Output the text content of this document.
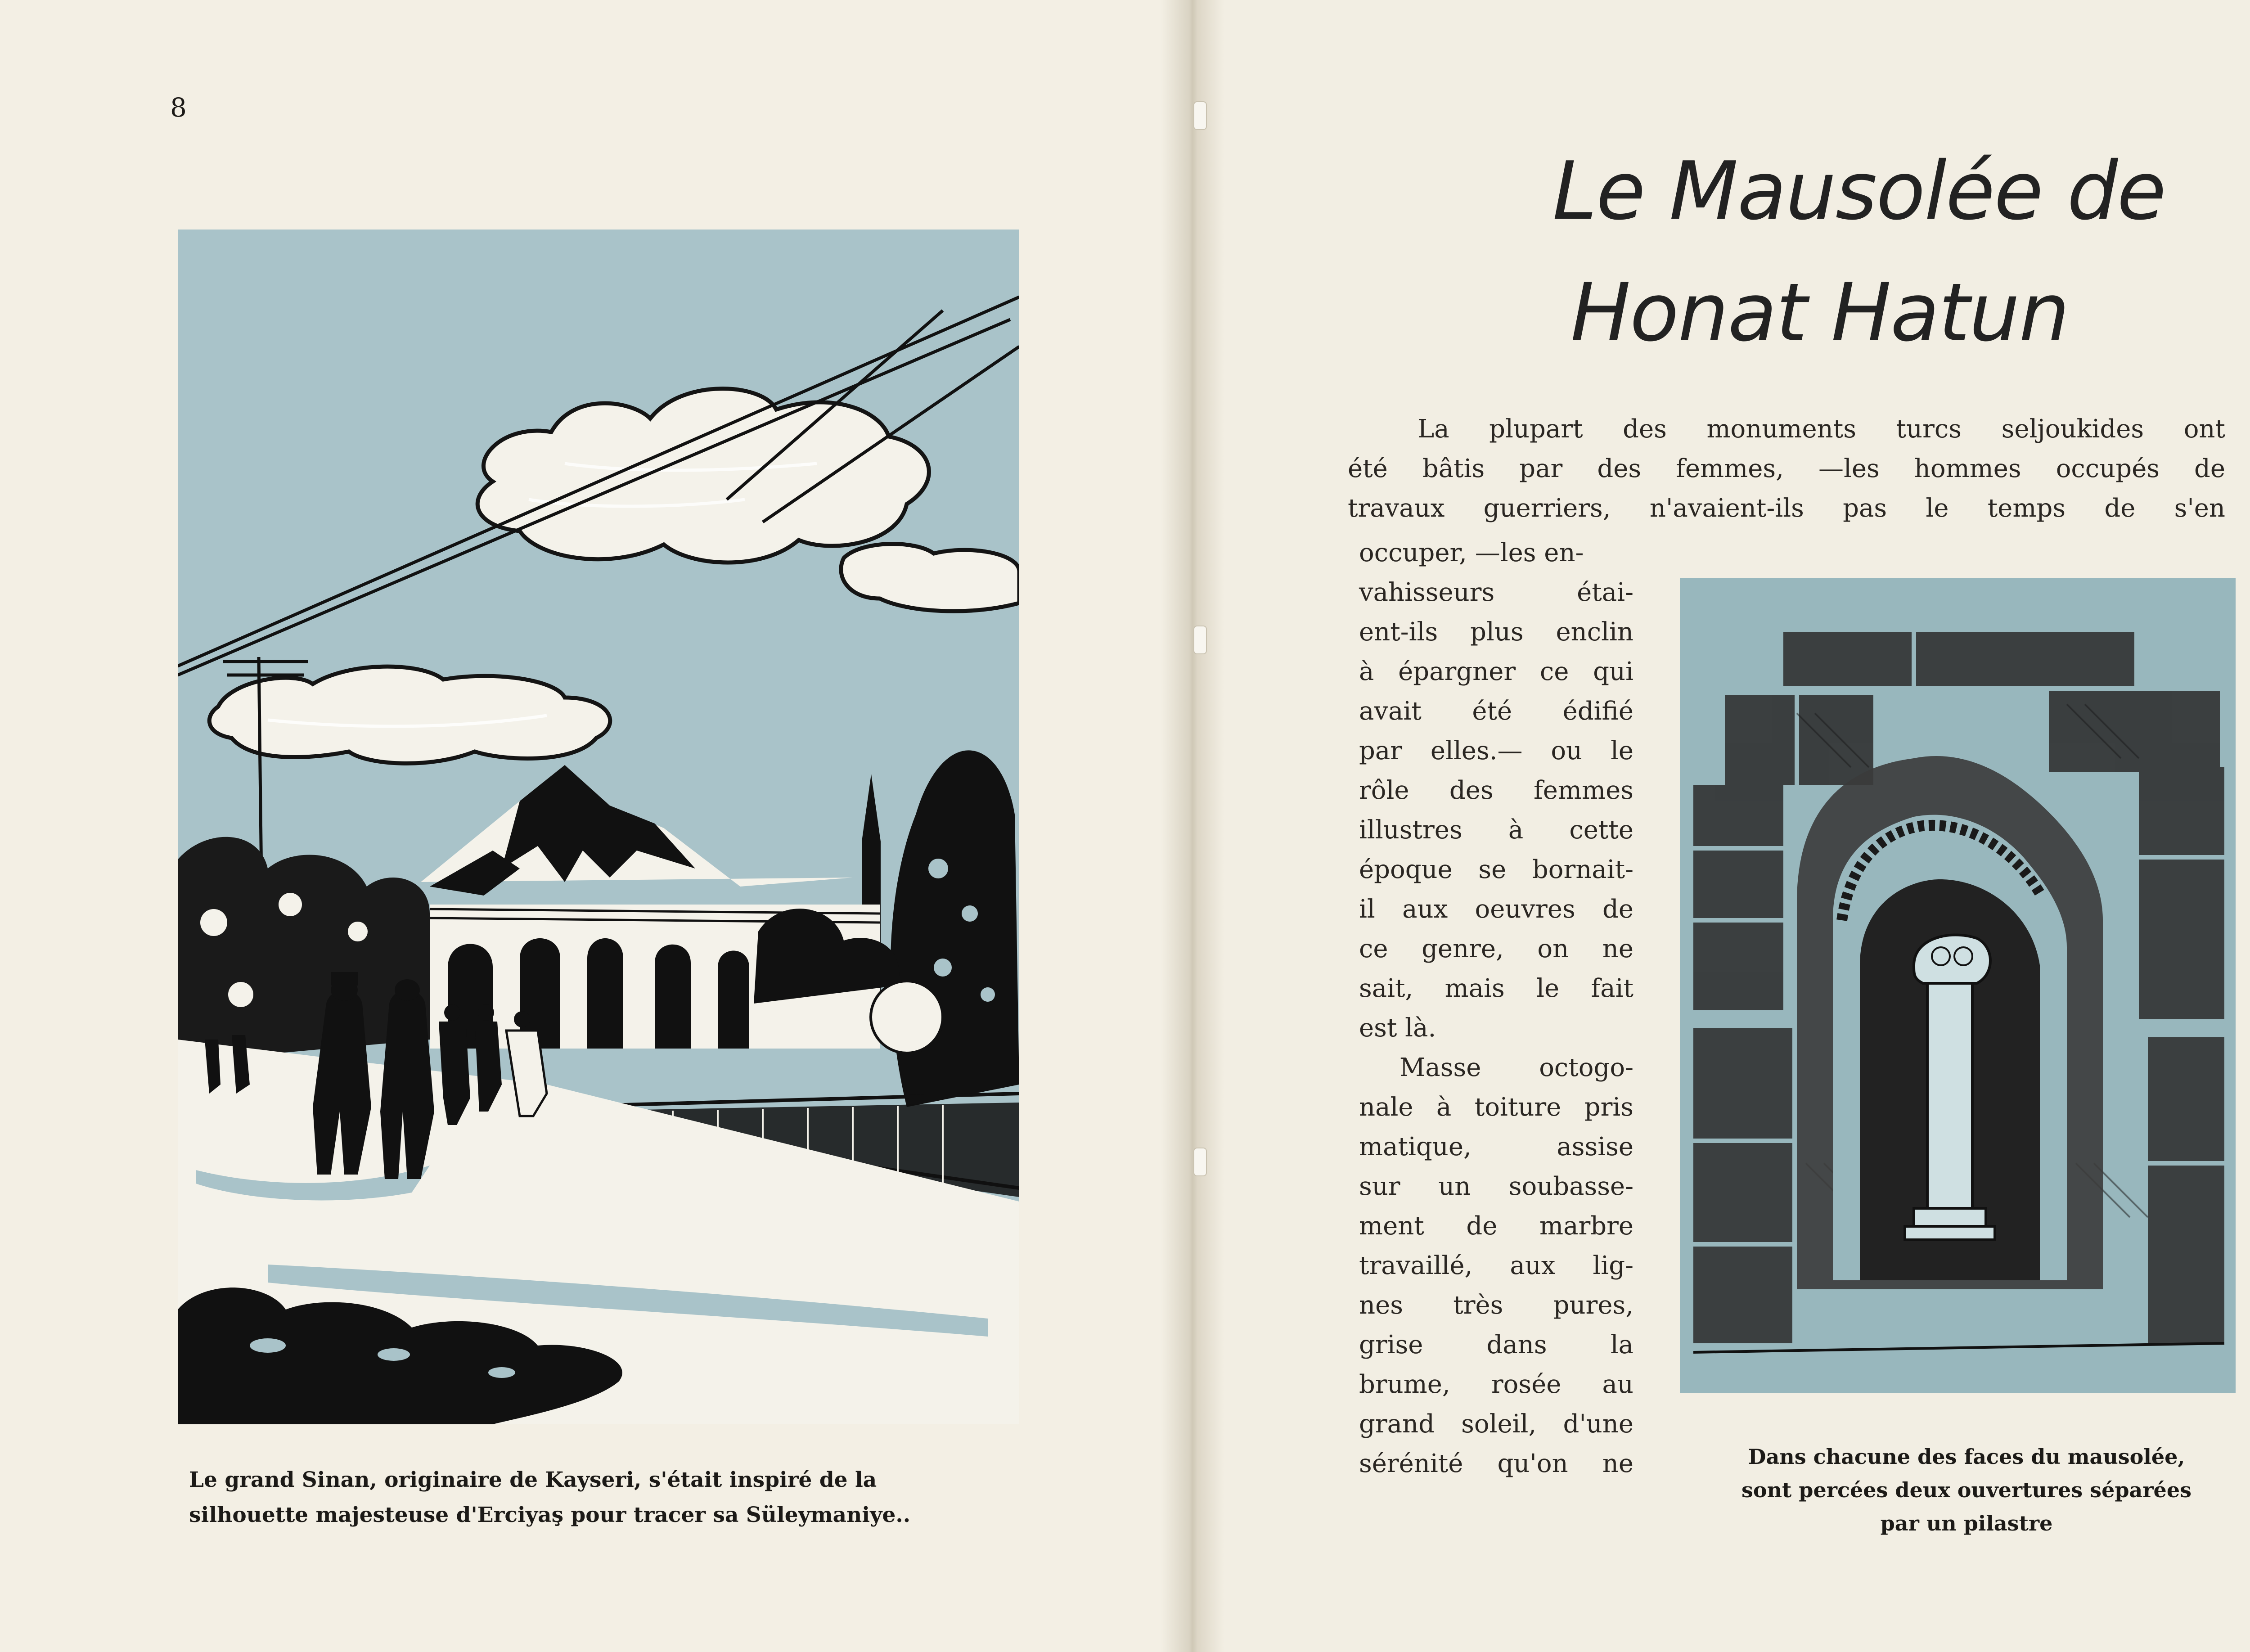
8
Le grand Sinan, originaire de Kayseri, s'était inspiré de la
silhouette majesteuse d'Erciyaş pour tracer sa Süleymaniye..
Le Mausolée de
Honat Hatun
La plupart des monuments turcs seljoukides ont
été bâtis par des femmes, —les hommes occupés de
travaux guerriers, n'avaient-ils pas le temps de s'en
occuper, —les en-
vahisseurs étai-
ent-ils plus enclin
à épargner ce qui
avait été édifié
par elles.— ou le
rôle des femmes
illustres à cette
époque se bornait-
il aux oeuvres de
ce genre, on ne
sait, mais le fait
est là.
Masse octogo-
nale à toiture pris
matique, assise
sur un soubasse-
ment de marbre
travaillé, aux lig-
nes très pures,
grise dans la
brume, rosée au
grand soleil, d'une
sérénité qu'on ne	Dans chacune des faces du mausolée,
sont percées deux ouvertures séparées
par un pilastre
